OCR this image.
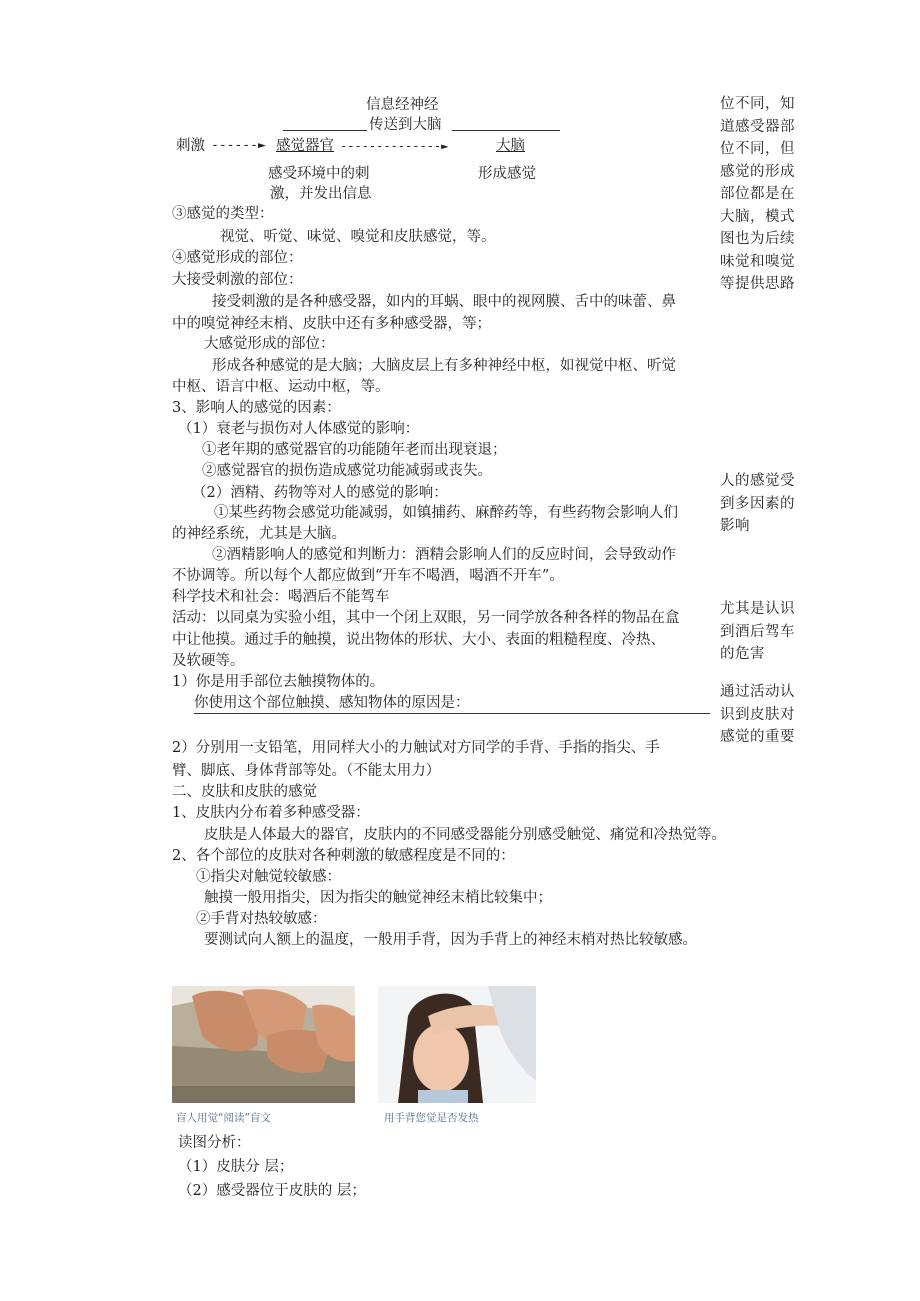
信息经神经
传送到大脑
刺激 ------► 感觉器官 --------------►	大脑
感受环境中的刺
激，并发出信息
形成感觉
位不同，知
道感受器部
位不同，但
感觉的形成
部位都是在
大脑，模式
图也为后续
味觉和嗅觉
等提供思路
人的感觉受
到多因素的
影响
尤其是认识
到酒后驾车
的危害
通过活动认
识到皮肤对
感觉的重要
③感觉的类型：
视觉、听觉、味觉、嗅觉和皮肤感觉，等。
④感觉形成的部位：
大接受刺激的部位：
接受刺激的是各种感受器，如内的耳蜗、眼中的视网膜、舌中的味蕾、鼻
中的嗅觉神经末梢、皮肤中还有多种感受器，等；
大感觉形成的部位：
形成各种感觉的是大脑；大脑皮层上有多种神经中枢，如视觉中枢、听觉
中枢、语言中枢、运动中枢，等。
3、影响人的感觉的因素：
（1）衰老与损伤对人体感觉的影响：
①老年期的感觉器官的功能随年老而出现衰退；
②感觉器官的损伤造成感觉功能减弱或丧失。
（2）酒精、药物等对人的感觉的影响：
①某些药物会感觉功能减弱，如镇捕药、麻醉药等，有些药物会影响人们
的神经系统，尤其是大脑。
②酒精影响人的感觉和判断力：酒精会影响人们的反应时间，会导致动作
不协调等。所以每个人都应做到“开车不喝酒，喝酒不开车”。
科学技术和社会：喝酒后不能驾车
活动：以同桌为实验小组，其中一个闭上双眼，另一同学放各种各样的物品在盒
中让他摸。通过手的触摸，说出物体的形状、大小、表面的粗糙程度、冷热、
及软硬等。
1）你是用手部位去触摸物体的。
你使用这个部位触摸、感知物体的原因是：
2）分别用一支铅笔，用同样大小的力触试对方同学的手背、手指的指尖、手
臂、脚底、身体背部等处。（不能太用力）
二、皮肤和皮肤的感觉
1、皮肤内分布着多种感受器：
皮肤是人体最大的器官，皮肤内的不同感受器能分别感受触觉、痛觉和冷热觉等。
2、各个部位的皮肤对各种刺激的敏感程度是不同的：
①指尖对触觉较敏感：
触摸一般用指尖，因为指尖的触觉神经末梢比较集中；
②手背对热较敏感：
要测试向人额上的温度，一般用手背，因为手背上的神经末梢对热比较敏感。
盲人用觉“阅读”盲文	用手背您觉是否发热
读图分析：
（1）皮肤分 层；
（2）感受器位于皮肤的 层；
